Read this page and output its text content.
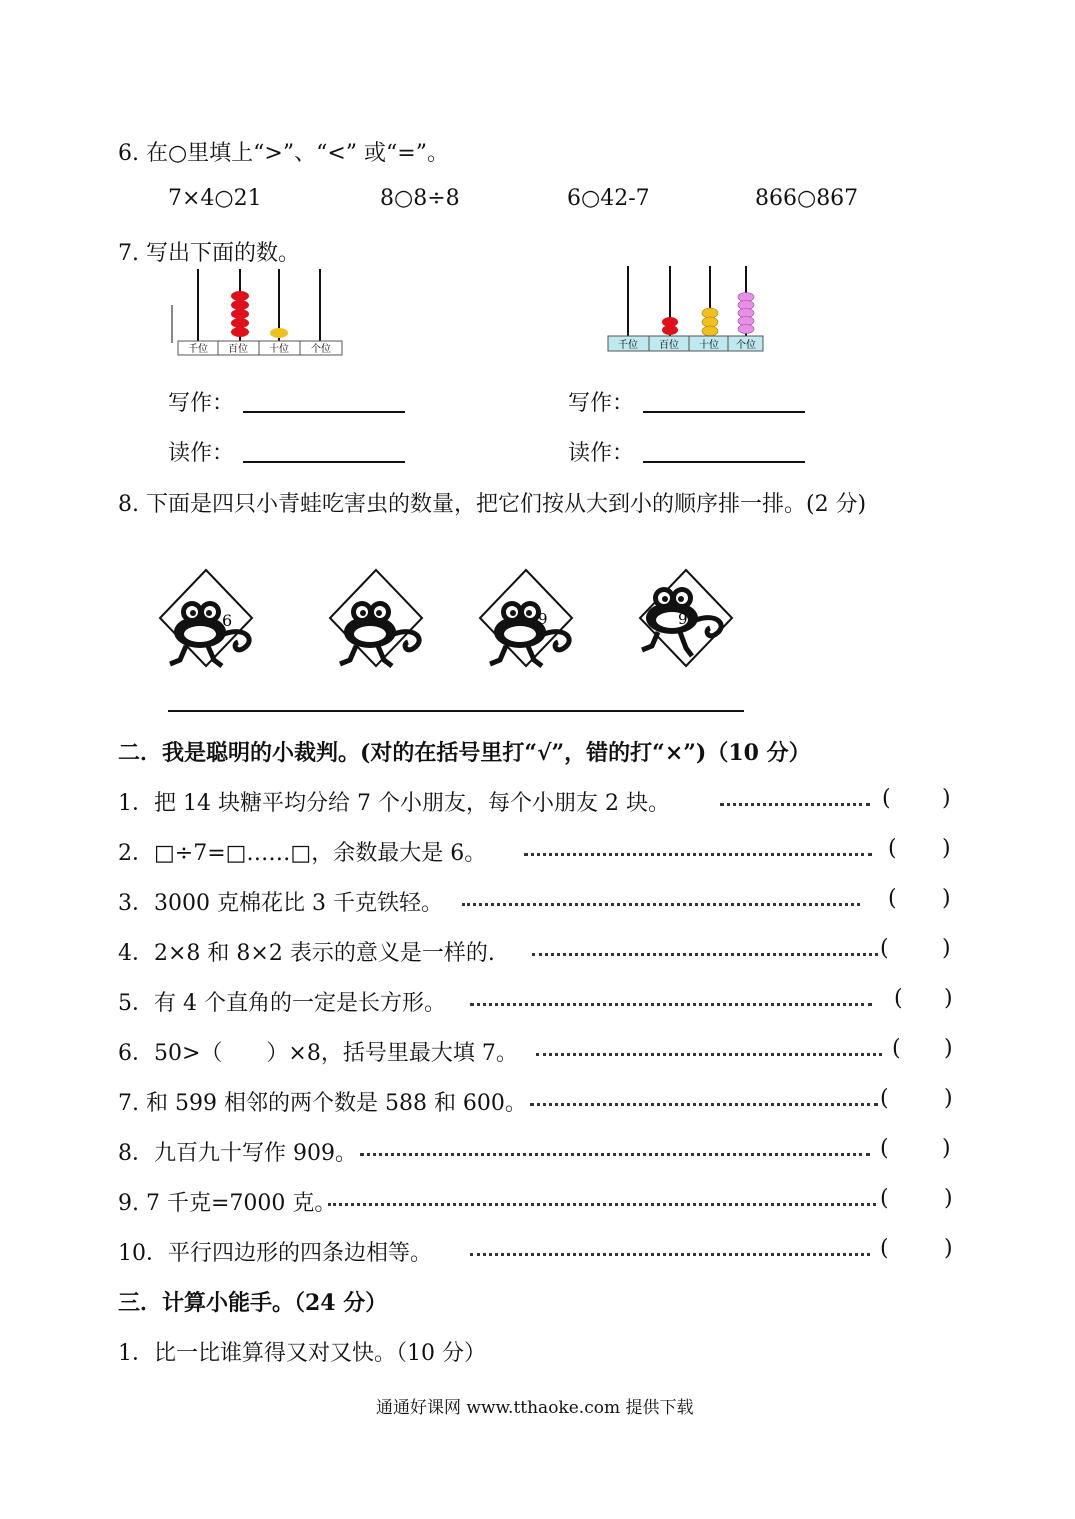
6. 在○里填上“>”、“<” 或“=”。
7×4○21	8○8÷8	6○42-7	866○867
7. 写出下面的数。
千位 百位 十位 个位	千位 百位 十位 个位
写作：
读作：
写作：
读作：
8. 下面是四只小青蛙吃害虫的数量，把它们按从大到小的顺序排一排。(2 分)
6	9	9
二．我是聪明的小裁判。(对的在括号里打“√”，错的打“×”)（10 分）
1．把 14 块糖平均分给 7 个小朋友，每个小朋友 2 块。	( )
2．□÷7=□……□，余数最大是 6。	( )
3．3000 克棉花比 3 千克铁轻。	( )
4．2×8 和 8×2 表示的意义是一样的.	( )
5．有 4 个直角的一定是长方形。	( )
6．50>（　　）×8，括号里最大填 7。	( )
7. 和 599 相邻的两个数是 588 和 600。	(	)
8．九百九十写作 909。	( )
9. 7 千克=7000 克。	(	)
10．平行四边形的四条边相等。	(	)
三．计算小能手。（24 分）
1．比一比谁算得又对又快。（10 分）
通通好课网 www.tthaoke.com 提供下载
